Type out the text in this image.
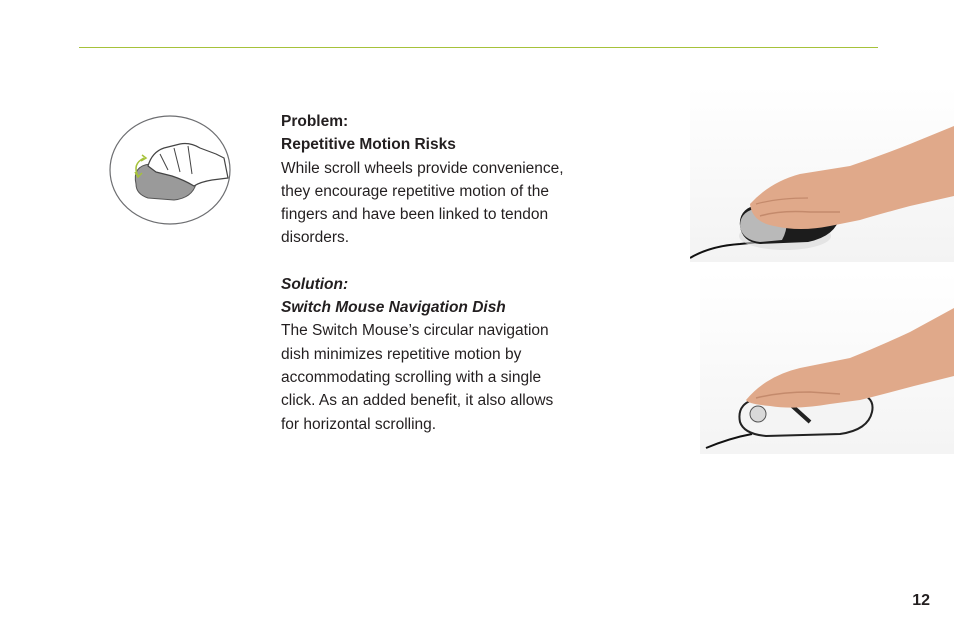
Problem:

Repetitive Motion Risks

While scroll wheels provide convenience,

they encourage repetitive motion of the

fingers and have been linked to tendon

disorders.

Solution:

Switch Mouse Navigation Dish

The Switch Mouse’s circular navigation

dish minimizes repetitive motion by

accommodating scrolling with a single

click. As an added benefit, it also allows

for horizontal scrolling.

12
